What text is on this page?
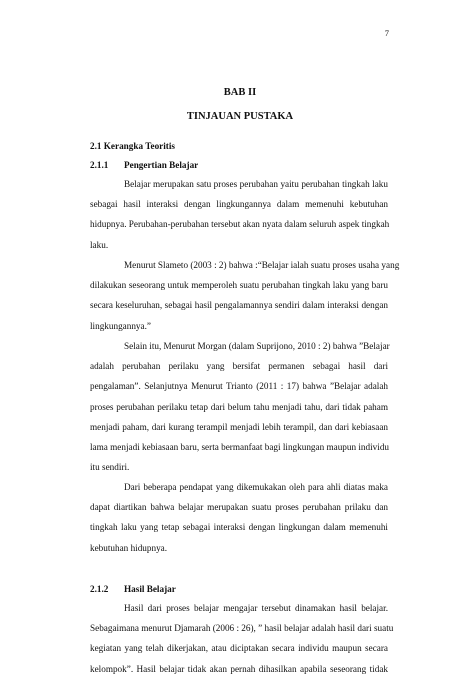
7
BAB II
TINJAUAN PUSTAKA
2.1 Kerangka Teoritis
2.1.1 Pengertian Belajar
Belajar merupakan satu proses perubahan yaitu perubahan tingkah laku
sebagai hasil interaksi dengan lingkungannya dalam memenuhi kebutuhan
hidupnya. Perubahan-perubahan tersebut akan nyata dalam seluruh aspek tingkah
laku.
Menurut Slameto (2003 : 2) bahwa :“Belajar ialah suatu proses usaha yang
dilakukan seseorang untuk memperoleh suatu perubahan tingkah laku yang baru
secara keseluruhan, sebagai hasil pengalamannya sendiri dalam interaksi dengan
lingkungannya.”
Selain itu, Menurut Morgan (dalam Suprijono, 2010 : 2) bahwa ”Belajar
adalah perubahan perilaku yang bersifat permanen sebagai hasil dari
pengalaman”. Selanjutnya Menurut Trianto (2011 : 17) bahwa ”Belajar adalah
proses perubahan perilaku tetap dari belum tahu menjadi tahu, dari tidak paham
menjadi paham, dari kurang terampil menjadi lebih terampil, dan dari kebiasaan
lama menjadi kebiasaan baru, serta bermanfaat bagi lingkungan maupun individu
itu sendiri.
Dari beberapa pendapat yang dikemukakan oleh para ahli diatas maka
dapat diartikan bahwa belajar merupakan suatu proses perubahan prilaku dan
tingkah laku yang tetap sebagai interaksi dengan lingkungan dalam memenuhi
kebutuhan hidupnya.
2.1.2 Hasil Belajar
Hasil dari proses belajar mengajar tersebut dinamakan hasil belajar.
Sebagaimana menurut Djamarah (2006 : 26), ” hasil belajar adalah hasil dari suatu
kegiatan yang telah dikerjakan, atau diciptakan secara individu maupun secara
kelompok”. Hasil belajar tidak akan pernah dihasilkan apabila seseorang tidak
